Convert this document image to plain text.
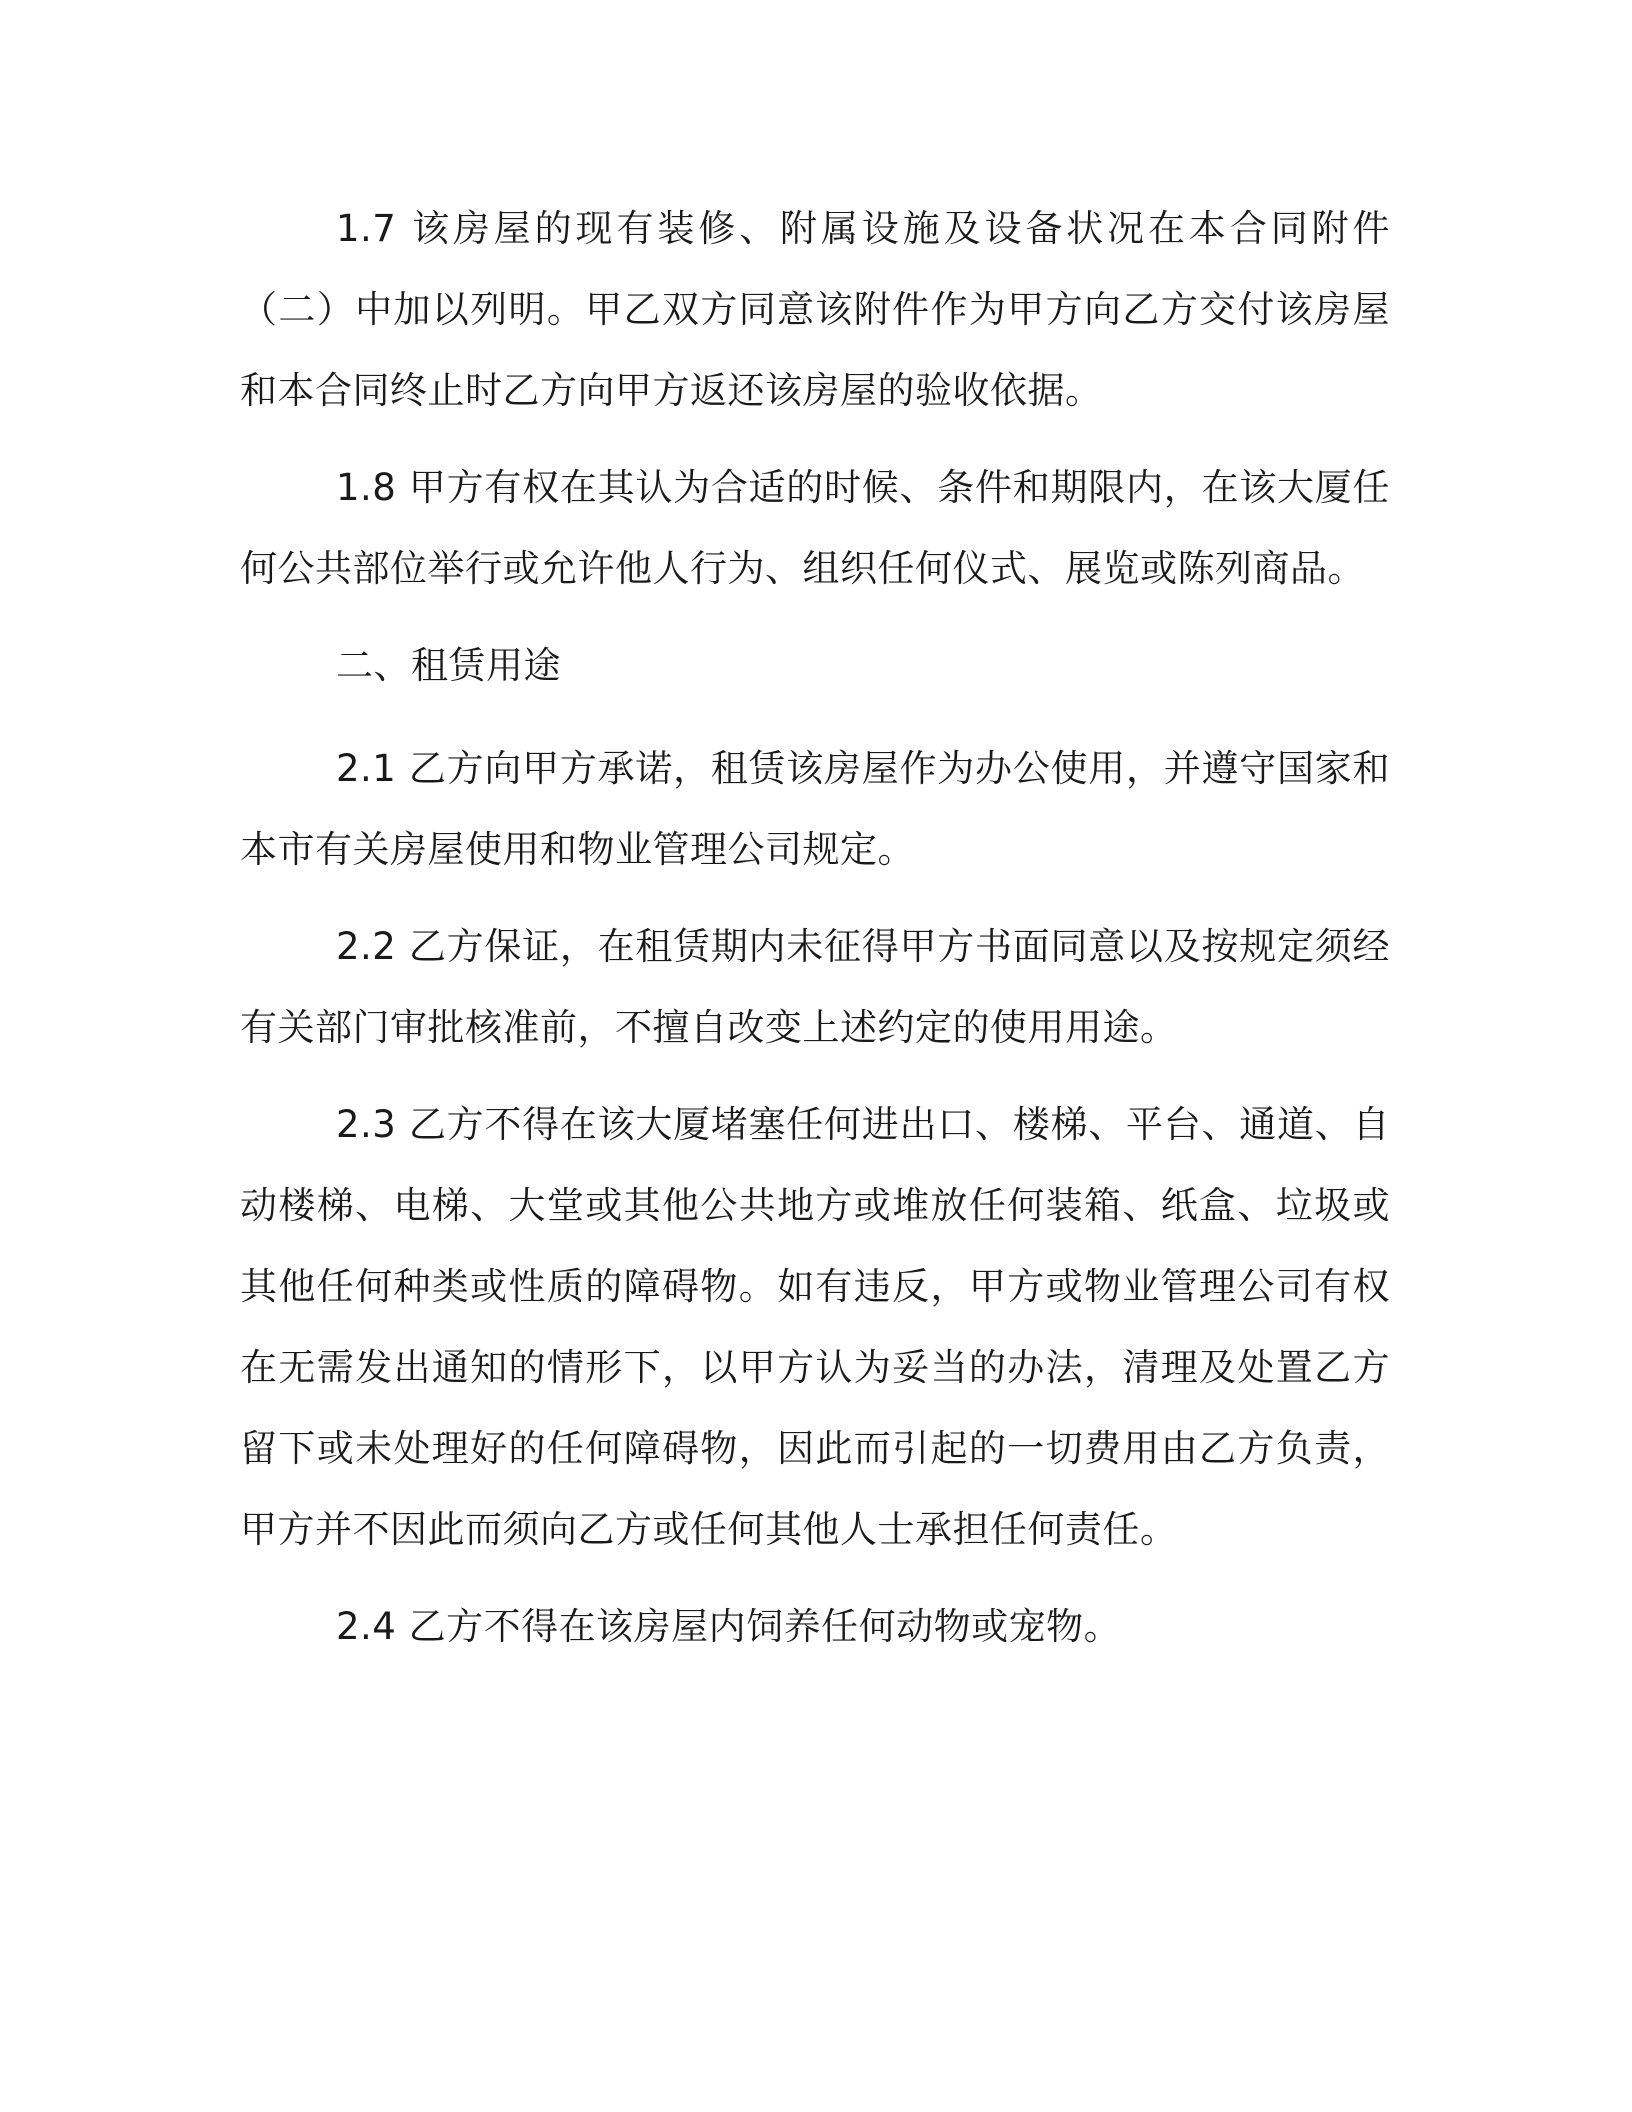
1.7 该房屋的现有装修、附属设施及设备状况在本合同附件（二）中加以列明。甲乙双方同意该附件作为甲方向乙方交付该房屋和本合同终止时乙方向甲方返还该房屋的验收依据。

1.8 甲方有权在其认为合适的时候、条件和期限内，在该大厦任何公共部位举行或允许他人行为、组织任何仪式、展览或陈列商品。

二、租赁用途

2.1 乙方向甲方承诺，租赁该房屋作为办公使用，并遵守国家和本市有关房屋使用和物业管理公司规定。

2.2 乙方保证，在租赁期内未征得甲方书面同意以及按规定须经有关部门审批核准前，不擅自改变上述约定的使用用途。

2.3 乙方不得在该大厦堵塞任何进出口、楼梯、平台、通道、自动楼梯、电梯、大堂或其他公共地方或堆放任何装箱、纸盒、垃圾或其他任何种类或性质的障碍物。如有违反，甲方或物业管理公司有权在无需发出通知的情形下，以甲方认为妥当的办法，清理及处置乙方留下或未处理好的任何障碍物，因此而引起的一切费用由乙方负责，甲方并不因此而须向乙方或任何其他人士承担任何责任。

2.4 乙方不得在该房屋内饲养任何动物或宠物。
